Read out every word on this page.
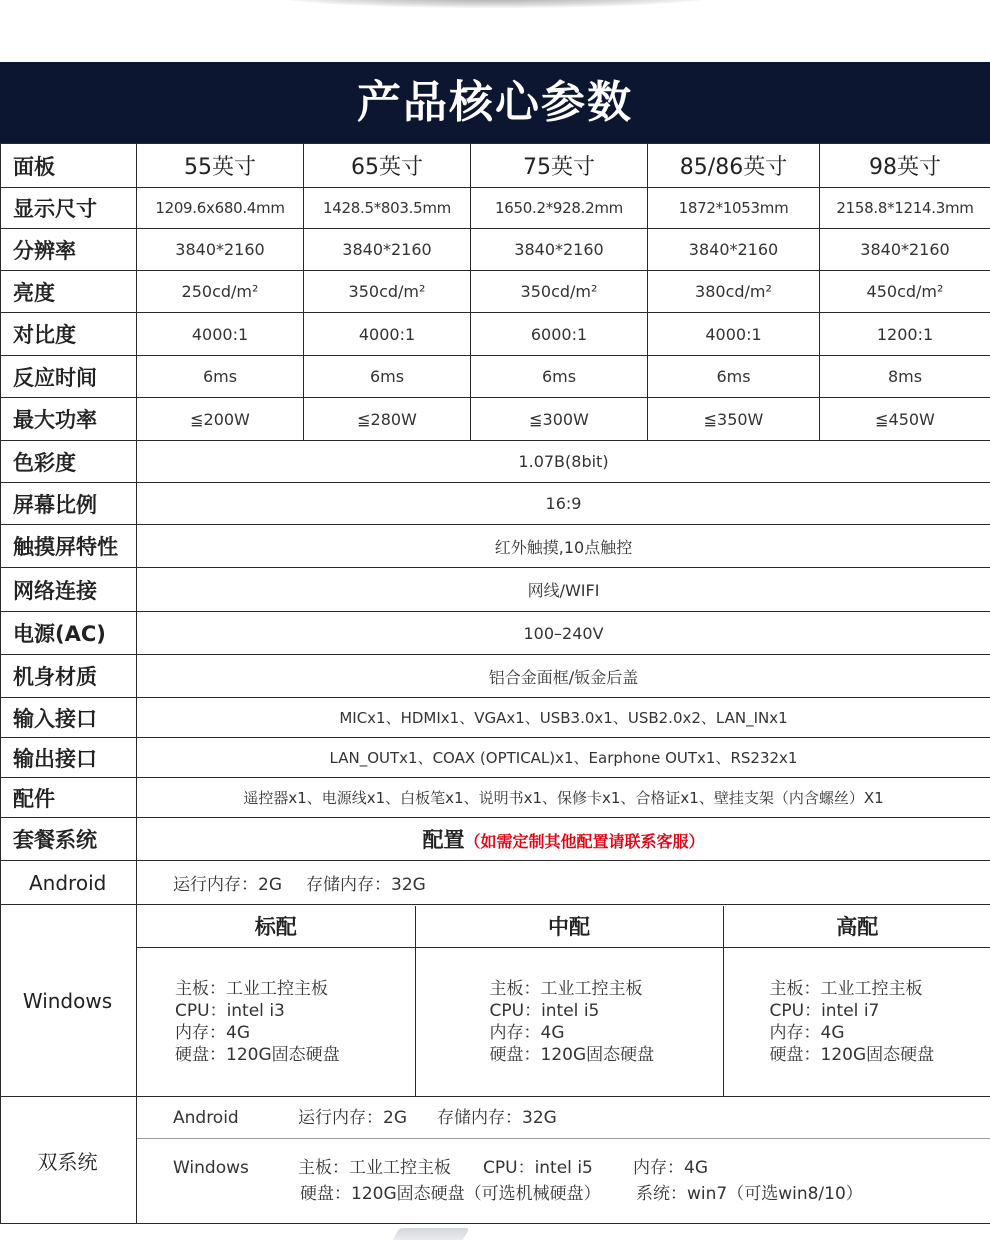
产品核心参数
面板	55英寸	65英寸	75英寸	85/86英寸	98英寸
显示尺寸	1209.6x680.4mm	1428.5*803.5mm	1650.2*928.2mm	1872*1053mm	2158.8*1214.3mm
分辨率	3840*2160	3840*2160	3840*2160	3840*2160	3840*2160
亮度	250cd/m²	350cd/m²	350cd/m²	380cd/m²	450cd/m²
对比度	4000:1	4000:1	6000:1	4000:1	1200:1
反应时间	6ms	6ms	6ms	6ms	8ms
最大功率	≦200W	≦280W	≦300W	≦350W	≦450W
色彩度	1.07B(8bit)
屏幕比例	16:9
触摸屏特性	红外触摸,10点触控
网络连接	网线/WIFI
电源(AC)	100–240V
机身材质	铝合金面框/钣金后盖
输入接口	MICx1、HDMIx1、VGAx1、USB3.0x1、USB2.0x2、LAN_INx1
输出接口	LAN_OUTx1、COAX (OPTICAL)x1、Earphone OUTx1、RS232x1
配件	遥控器x1、电源线x1、白板笔x1、说明书x1、保修卡x1、合格证x1、壁挂支架（内含螺丝）X1
套餐系统	配置（如需定制其他配置请联系客服）
Android	运行内存：2G 存储内存：32G
Windows	
标配	中配	高配

主板：工业工控主板
CPU：intel i3
内存：4G
硬盘：120G固态硬盘

主板：工业工控主板
CPU：intel i5
内存：4G
硬盘：120G固态硬盘

主板：工业工控主板
CPU：intel i7
内存：4G
硬盘：120G固态硬盘

双系统	
Android	运行内存：2G 存储内存：32G
Windows	主板：工业工控主板 CPU：intel i5 内存：4G
硬盘：120G固态硬盘（可选机械硬盘） 系统：win7（可选win8/10）
